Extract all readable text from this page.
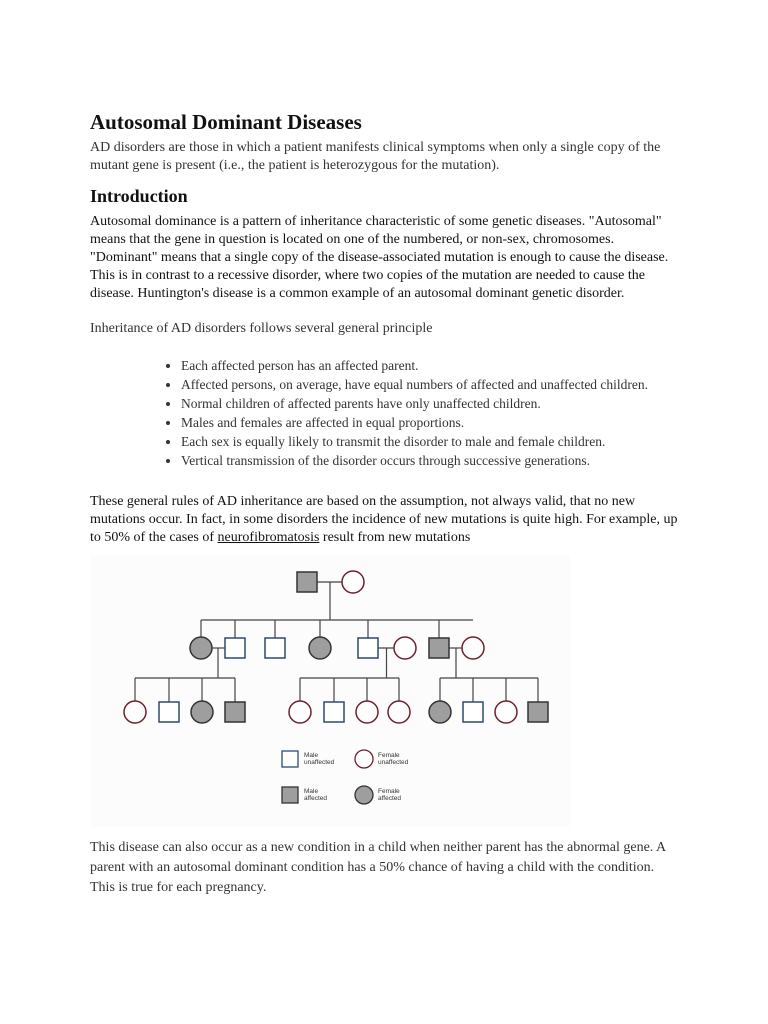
Autosomal Dominant Diseases

AD disorders are those in which a patient manifests clinical symptoms when only a single copy of the mutant gene is present (i.e., the patient is heterozygous for the mutation).

Introduction

Autosomal dominance is a pattern of inheritance characteristic of some genetic diseases. "Autosomal" means that the gene in question is located on one of the numbered, or non-sex, chromosomes. "Dominant" means that a single copy of the disease-associated mutation is enough to cause the disease. This is in contrast to a recessive disorder, where two copies of the mutation are needed to cause the disease. Huntington's disease is a common example of an autosomal dominant genetic disorder.

Inheritance of AD disorders follows several general principle

• Each affected person has an affected parent.
• Affected persons, on average, have equal numbers of affected and unaffected children.
• Normal children of affected parents have only unaffected children.
• Males and females are affected in equal proportions.
• Each sex is equally likely to transmit the disorder to male and female children.
• Vertical transmission of the disorder occurs through successive generations.

These general rules of AD inheritance are based on the assumption, not always valid, that no new mutations occur. In fact, in some disorders the incidence of new mutations is quite high. For example, up to 50% of the cases of neurofibromatosis result from new mutations

This disease can also occur as a new condition in a child when neither parent has the abnormal gene. A parent with an autosomal dominant condition has a 50% chance of having a child with the condition. This is true for each pregnancy.

Male
unaffected
Female
unaffected
Male
affected
Female
affected
